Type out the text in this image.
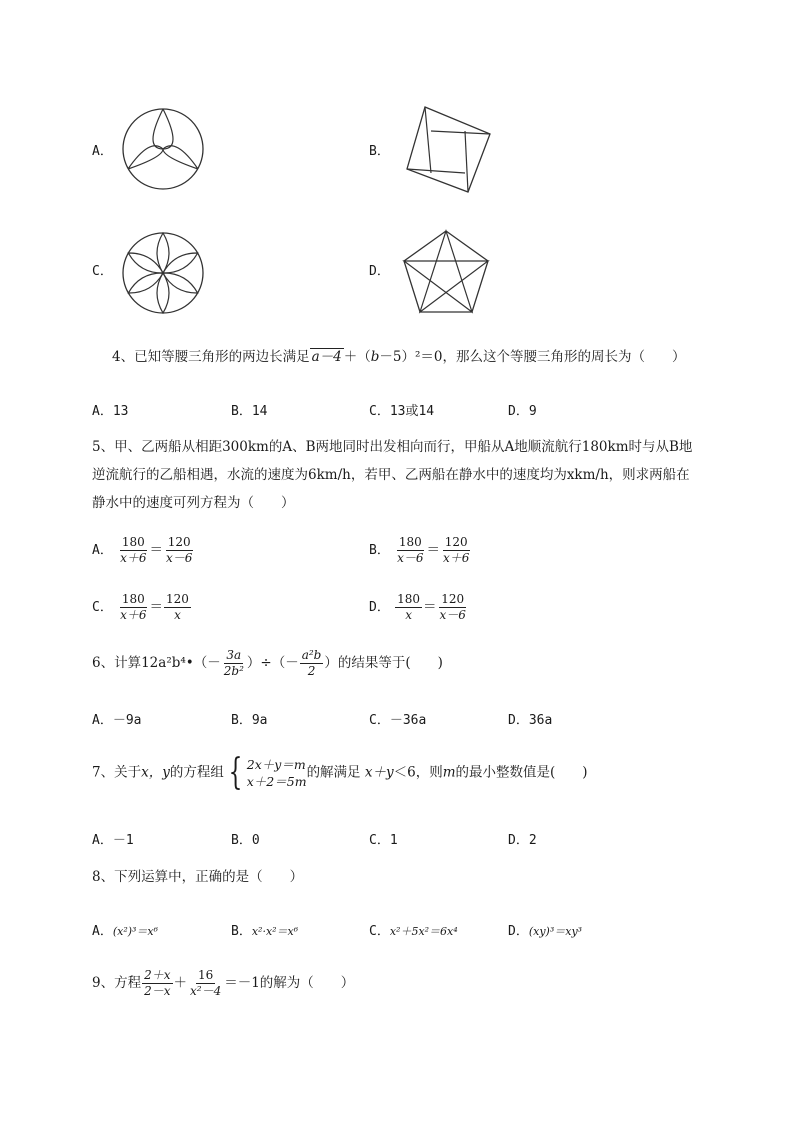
A．	B．
C．	D．
4、已知等腰三角形的两边长满足 a－4 ＋（b－5）²＝0，那么这个等腰三角形的周长为（　　）
A．13	B．14	C．13或14	D．9
5、甲、乙两船从相距300km的A、B两地同时出发相向而行，甲船从A地顺流航行180km时与从B地
逆流航行的乙船相遇，水流的速度为6km/h，若甲、乙两船在静水中的速度均为xkm/h，则求两船在
静水中的速度可列方程为（　　）
A． $\frac{180}{x+6} = \frac{120}{x-6}$	B． $\frac{180}{x-6} = \frac{120}{x+6}$
C． $\frac{180}{x+6} = \frac{120}{x}$	D． $\frac{180}{x} = \frac{120}{x-6}$
6、计算12a²b⁴•（－ $\frac{3a}{\text{2b²}}$ ）÷（－ $\frac{\text{a²b}}{2}$ ）的结果等于(　　)
A．－9a	B．9a	C．－36a	D．36a
7、关于x，y的方程组 { 2x＋y＝m
x＋2＝5m
的解满足 x＋y＜6，则m的最小整数值是(　　)
A．－1	B．0	C．1	D．2
8、下列运算中，正确的是（　　）
A．(x²)³＝x⁶	B．x²·x²＝x⁶	C．x²＋5x²＝6x⁴	D．(xy)³＝xy³
9、方程 $\frac{2+x}{2-x} + \frac{16}{\text{x²－4}} =-1$的解为（　　）
